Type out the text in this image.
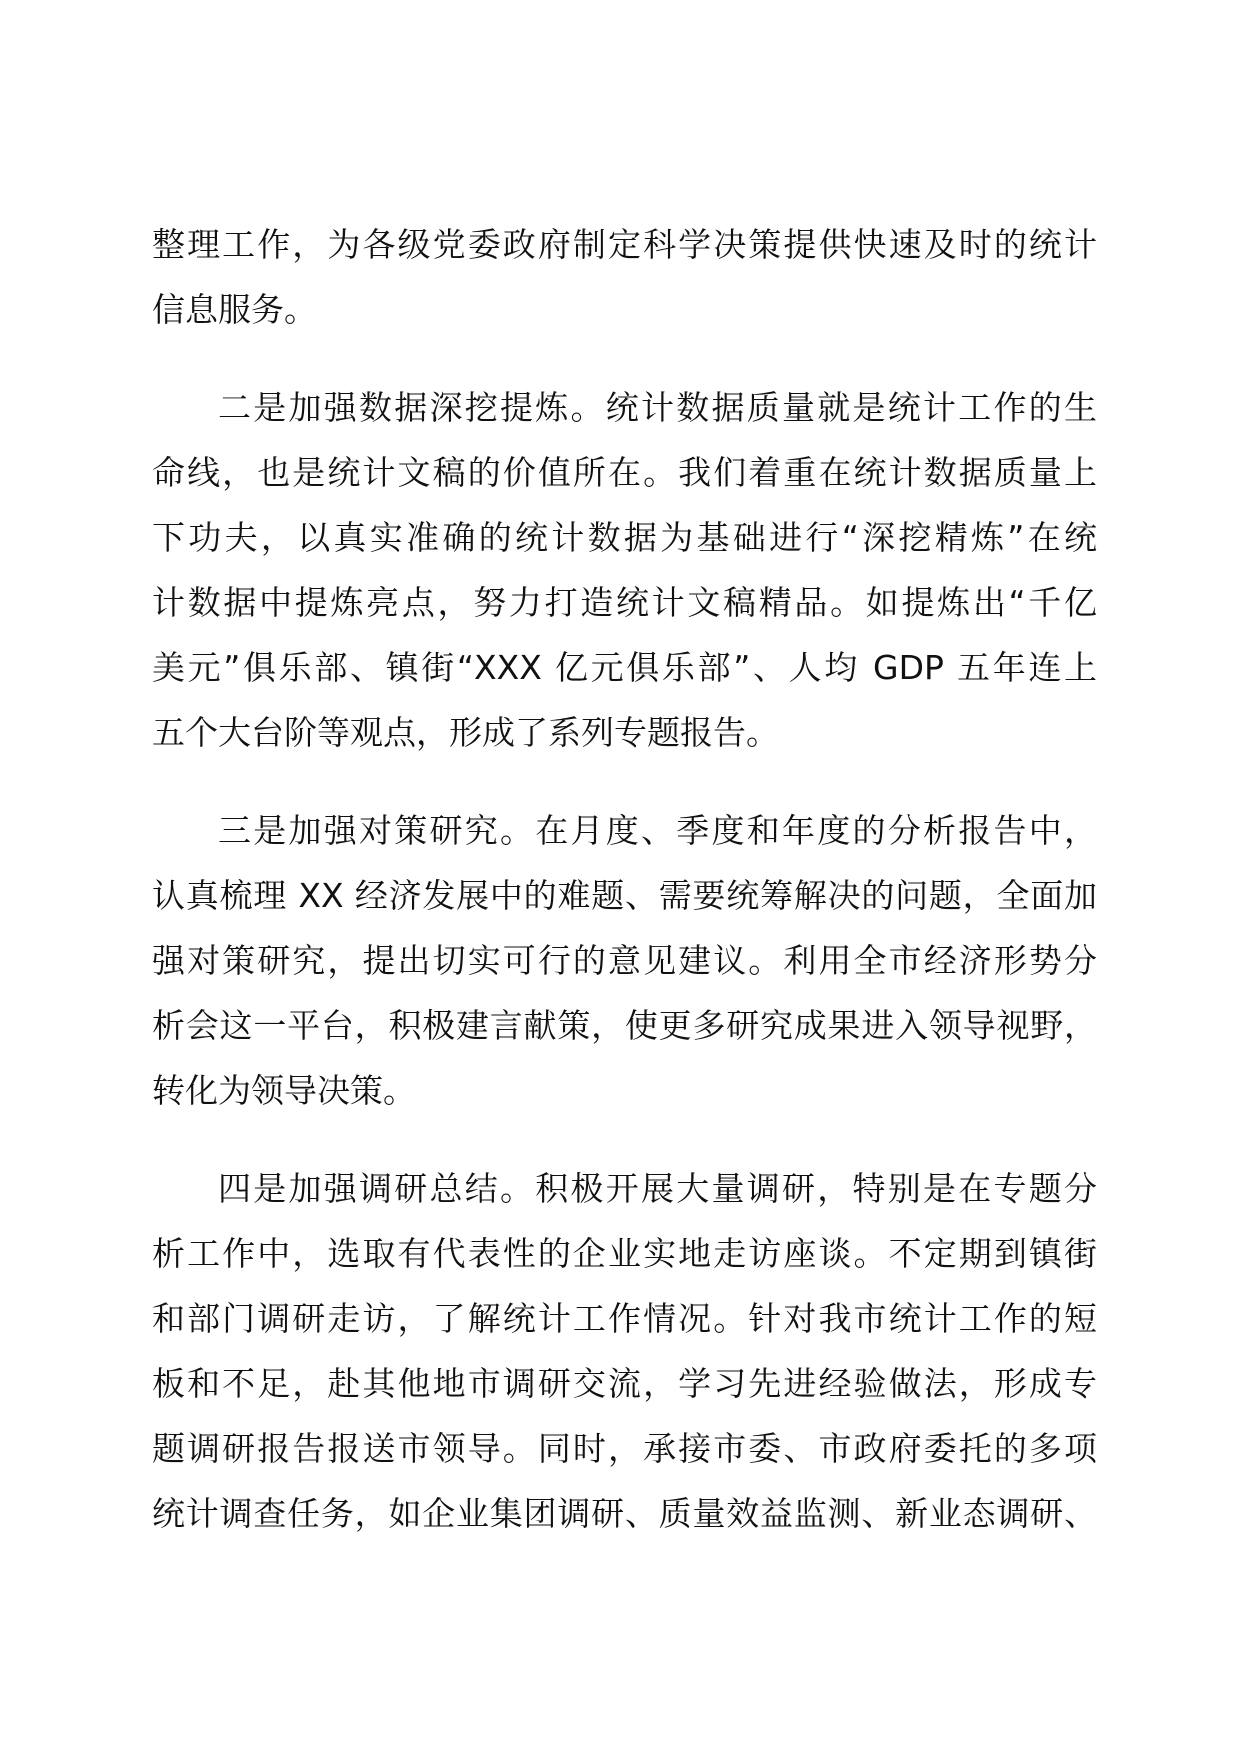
整理工作，为各级党委政府制定科学决策提供快速及时的统计
信息服务。
二是加强数据深挖提炼。统计数据质量就是统计工作的生
命线，也是统计文稿的价值所在。我们着重在统计数据质量上
下功夫，以真实准确的统计数据为基础进行“深挖精炼”在统
计数据中提炼亮点，努力打造统计文稿精品。如提炼出“千亿
美元”俱乐部、镇街“XXX 亿元俱乐部”、人均 GDP 五年连上
五个大台阶等观点，形成了系列专题报告。
三是加强对策研究。在月度、季度和年度的分析报告中，
认真梳理 XX 经济发展中的难题、需要统筹解决的问题，全面加
强对策研究，提出切实可行的意见建议。利用全市经济形势分
析会这一平台，积极建言献策，使更多研究成果进入领导视野，
转化为领导决策。
四是加强调研总结。积极开展大量调研，特别是在专题分
析工作中，选取有代表性的企业实地走访座谈。不定期到镇街
和部门调研走访，了解统计工作情况。针对我市统计工作的短
板和不足，赴其他地市调研交流，学习先进经验做法，形成专
题调研报告报送市领导。同时，承接市委、市政府委托的多项
统计调查任务，如企业集团调研、质量效益监测、新业态调研、
